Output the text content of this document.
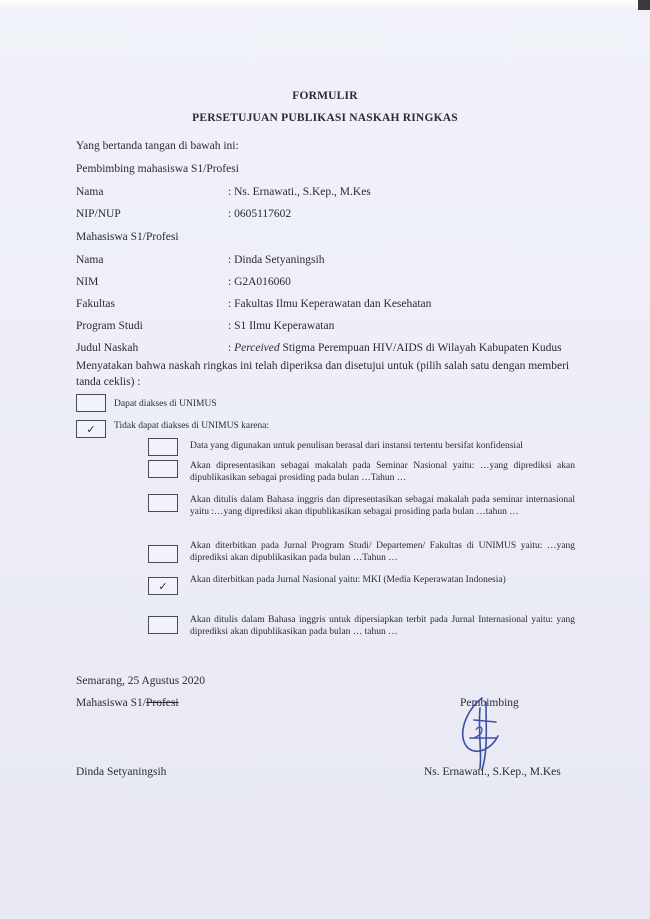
FORMULIR
PERSETUJUAN PUBLIKASI NASKAH RINGKAS
Yang bertanda tangan di bawah ini:
Pembimbing mahasiswa S1/Profesi
Nama	: Ns. Ernawati., S.Kep., M.Kes
NIP/NUP	: 0605117602
Mahasiswa S1/Profesi
Nama	: Dinda Setyaningsih
NIM	: G2A016060
Fakultas	: Fakultas Ilmu Keperawatan dan Kesehatan
Program Studi	: S1 Ilmu Keperawatan
Judul Naskah	: Perceived Stigma Perempuan HIV/AIDS di Wilayah Kabupaten Kudus
Menyatakan bahwa naskah ringkas ini telah diperiksa dan disetujui untuk (pilih salah satu dengan memberi tanda ceklis) :
Dapat diakses di UNIMUS
✓	Tidak dapat diakses di UNIMUS karena:
Data yang digunakan untuk penulisan berasal dari instansi tertentu bersifat konfidensial
Akan dipresentasikan sebagai makalah pada Seminar Nasional yaitu: …yang diprediksi akan dipublikasikan sebagai prosiding pada bulan …Tahun …
Akan ditulis dalam Bahasa inggris dan dipresentasikan sebagai makalah pada seminar internasional yaitu :…yang diprediksi akan dipublikasikan sebagai prosiding pada bulan …tahun …
Akan diterbitkan pada Jurnal Program Studi/ Departemen/ Fakultas di UNIMUS yaitu: …yang diprediksi akan dipublikasikan pada bulan …Tahun …
✓
Akan diterbitkan pada Jurnal Nasional yaitu: MKI (Media Keperawatan Indonesia)
Akan ditulis dalam Bahasa inggris untuk dipersiapkan terbit pada Jurnal Internasional yaitu: yang diprediksi akan dipublikasikan pada bulan … tahun …
Semarang, 25 Agustus 2020
Mahasiswa S1/Profesi	Pembimbing
Dinda Setyaningsih	Ns. Ernawati., S.Kep., M.Kes
